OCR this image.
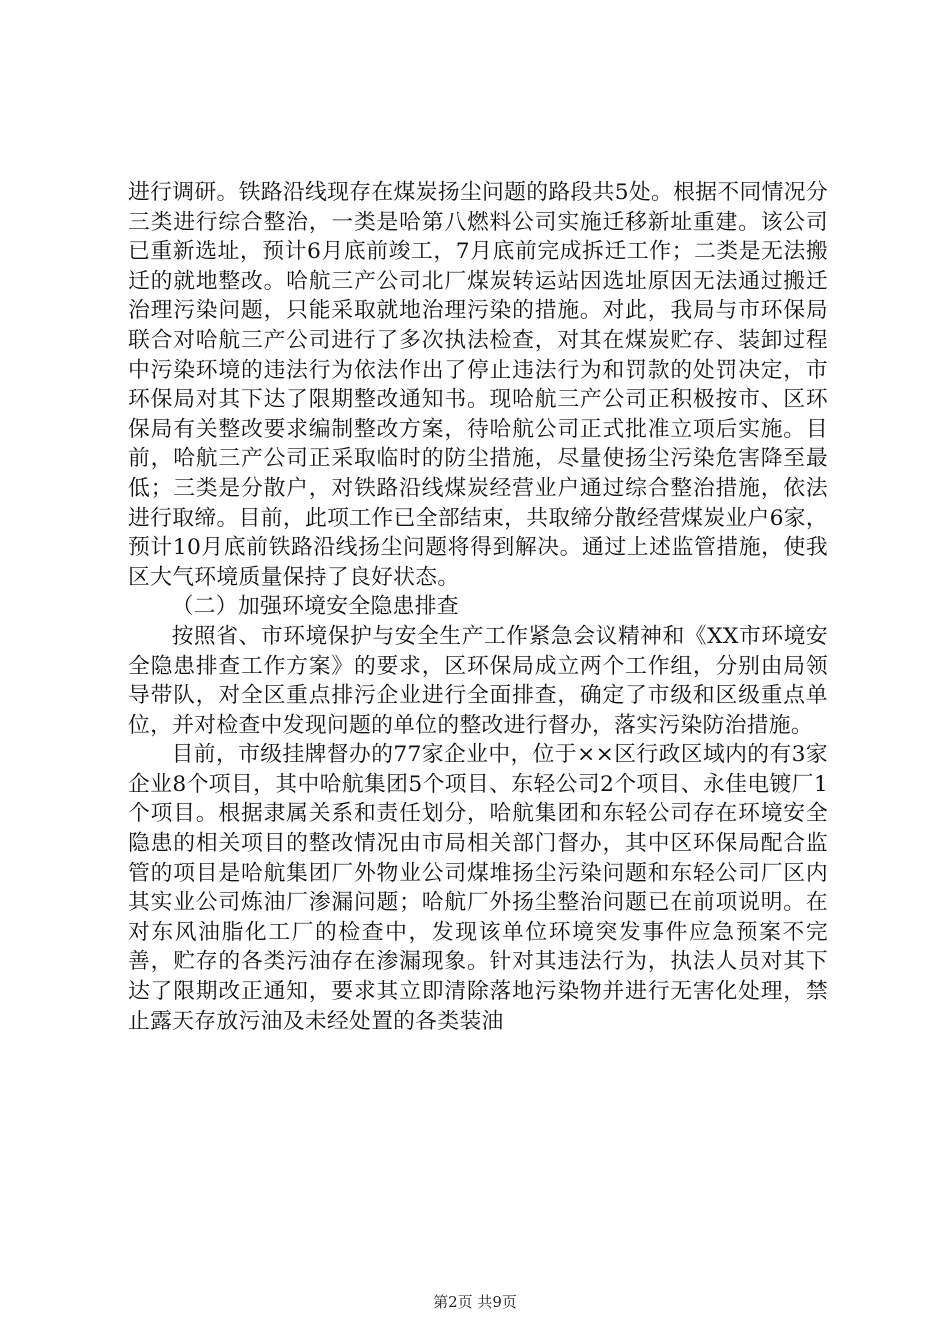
进行调研。铁路沿线现存在煤炭扬尘问题的路段共5处。根据不同情况分三类进行综合整治，一类是哈第八燃料公司实施迁移新址重建。该公司已重新选址，预计6月底前竣工，7月底前完成拆迁工作；二类是无法搬迁的就地整改。哈航三产公司北厂煤炭转运站因选址原因无法通过搬迁治理污染问题，只能采取就地治理污染的措施。对此，我局与市环保局联合对哈航三产公司进行了多次执法检查，对其在煤炭贮存、装卸过程中污染环境的违法行为依法作出了停止违法行为和罚款的处罚决定，市环保局对其下达了限期整改通知书。现哈航三产公司正积极按市、区环保局有关整改要求编制整改方案，待哈航公司正式批准立项后实施。目前，哈航三产公司正采取临时的防尘措施，尽量使扬尘污染危害降至最低；三类是分散户，对铁路沿线煤炭经营业户通过综合整治措施，依法进行取缔。目前，此项工作已全部结束，共取缔分散经营煤炭业户6家，预计10月底前铁路沿线扬尘问题将得到解决。通过上述监管措施，使我区大气环境质量保持了良好状态。

（二）加强环境安全隐患排查

按照省、市环境保护与安全生产工作紧急会议精神和《XX市环境安全隐患排查工作方案》的要求，区环保局成立两个工作组，分别由局领导带队，对全区重点排污企业进行全面排查，确定了市级和区级重点单位，并对检查中发现问题的单位的整改进行督办，落实污染防治措施。

目前，市级挂牌督办的77家企业中，位于××区行政区域内的有3家企业8个项目，其中哈航集团5个项目、东轻公司2个项目、永佳电镀厂1个项目。根据隶属关系和责任划分，哈航集团和东轻公司存在环境安全隐患的相关项目的整改情况由市局相关部门督办，其中区环保局配合监管的项目是哈航集团厂外物业公司煤堆扬尘污染问题和东轻公司厂区内其实业公司炼油厂渗漏问题；哈航厂外扬尘整治问题已在前项说明。在对东风油脂化工厂的检查中，发现该单位环境突发事件应急预案不完善，贮存的各类污油存在渗漏现象。针对其违法行为，执法人员对其下达了限期改正通知，要求其立即清除落地污染物并进行无害化处理，禁止露天存放污油及未经处置的各类装油

第2页 共9页
